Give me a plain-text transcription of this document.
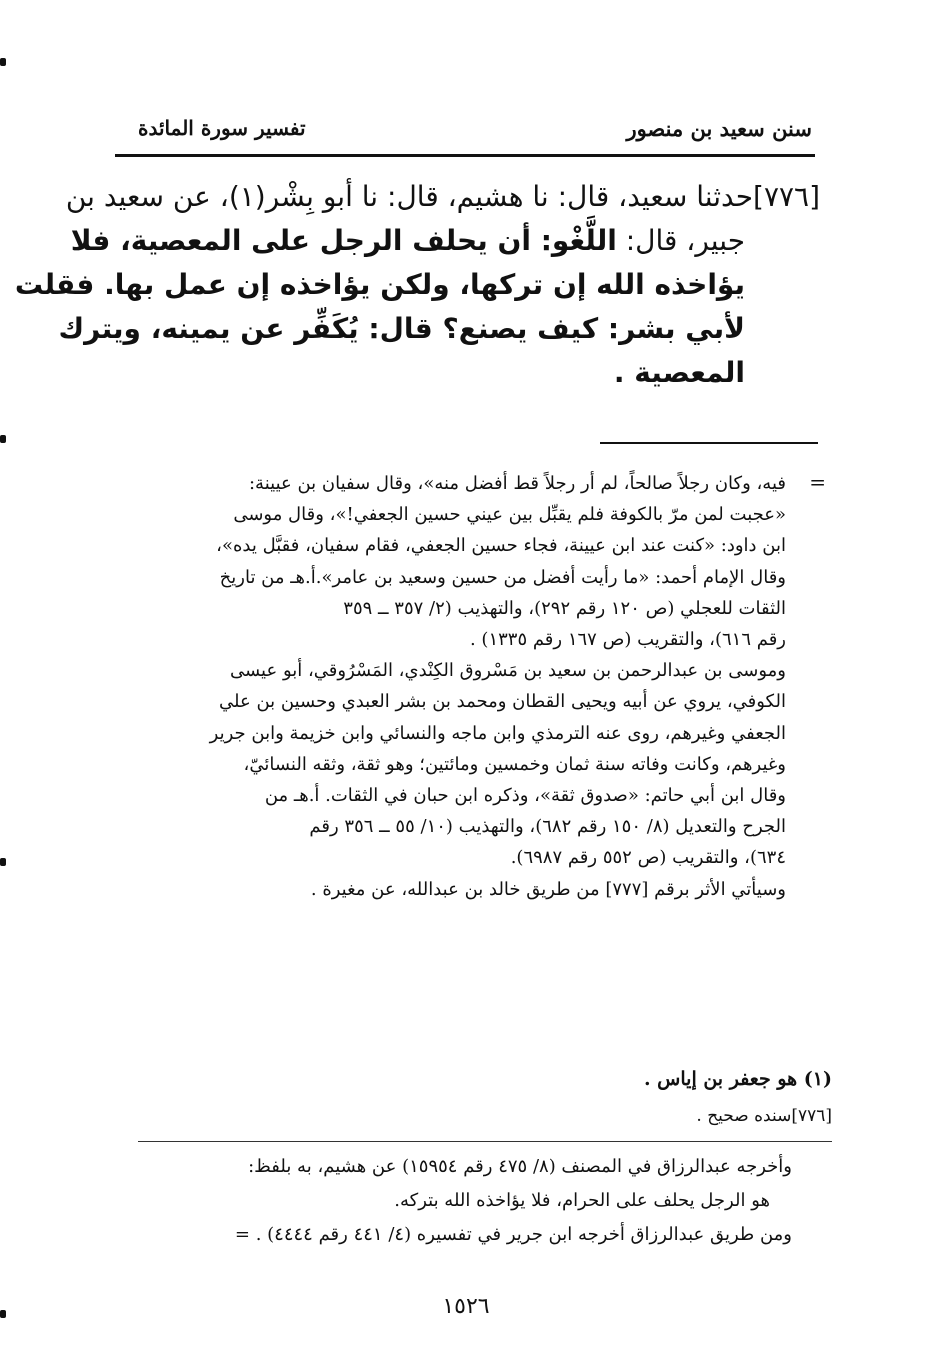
سنن سعيد بن منصور
تفسير سورة المائدة
[٧٧٦]حدثنا سعيد، قال: نا هشيم، قال: نا أبو بِشْر(١)، عن سعيد بن
جبير، قال: اللَّغْو: أن يحلف الرجل على المعصية، فلا
يؤاخذه الله إن تركها، ولكن يؤاخذه إن عمل بها. فقلت
لأبي بشر: كيف يصنع؟ قال: يُكَفِّر عن يمينه، ويترك
المعصية .
=
فيه، وكان رجلاً صالحاً، لم أر رجلاً قط أفضل منه»، وقال سفيان بن عيينة:
«عجبت لمن مرّ بالكوفة فلم يقبِّل بين عيني حسين الجعفي!»، وقال موسى
ابن داود: «كنت عند ابن عيينة، فجاء حسين الجعفي، فقام سفيان، فقبَّل يده»،
وقال الإمام أحمد: «ما رأيت أفضل من حسين وسعيد بن عامر».أ.هـ من تاريخ
الثقات للعجلي (ص ١٢٠ رقم ٢٩٢)، والتهذيب (٢/ ٣٥٧ ــ ٣٥٩
رقم ٦١٦)، والتقريب (ص ١٦٧ رقم ١٣٣٥) .
وموسى بن عبدالرحمن بن سعيد بن مَسْروق الكِنْدي، المَسْرُوقي، أبو عيسى
الكوفي، يروي عن أبيه ويحيى القطان ومحمد بن بشر العبدي وحسين بن علي
الجعفي وغيرهم، روى عنه الترمذي وابن ماجه والنسائي وابن خزيمة وابن جرير
وغيرهم، وكانت وفاته سنة ثمان وخمسين ومائتين؛ وهو ثقة، وثقه النسائيّ،
وقال ابن أبي حاتم: «صدوق ثقة»، وذكره ابن حبان في الثقات. أ.هـ من
الجرح والتعديل (٨/ ١٥٠ رقم ٦٨٢)، والتهذيب (١٠/ ٥٥ ــ ٣٥٦ رقم
٦٣٤)، والتقريب (ص ٥٥٢ رقم ٦٩٨٧).
وسيأتي الأثر برقم [٧٧٧] من طريق خالد بن عبدالله، عن مغيرة .
(١) هو جعفر بن إياس .
[٧٧٦]سنده صحيح .
وأخرجه عبدالرزاق في المصنف (٨/ ٤٧٥ رقم ١٥٩٥٤) عن هشيم، به بلفظ:
هو الرجل يحلف على الحرام، فلا يؤاخذه الله بتركه.
ومن طريق عبدالرزاق أخرجه ابن جرير في تفسيره (٤/ ٤٤١ رقم ٤٤٤٤) . =
١٥٢٦
